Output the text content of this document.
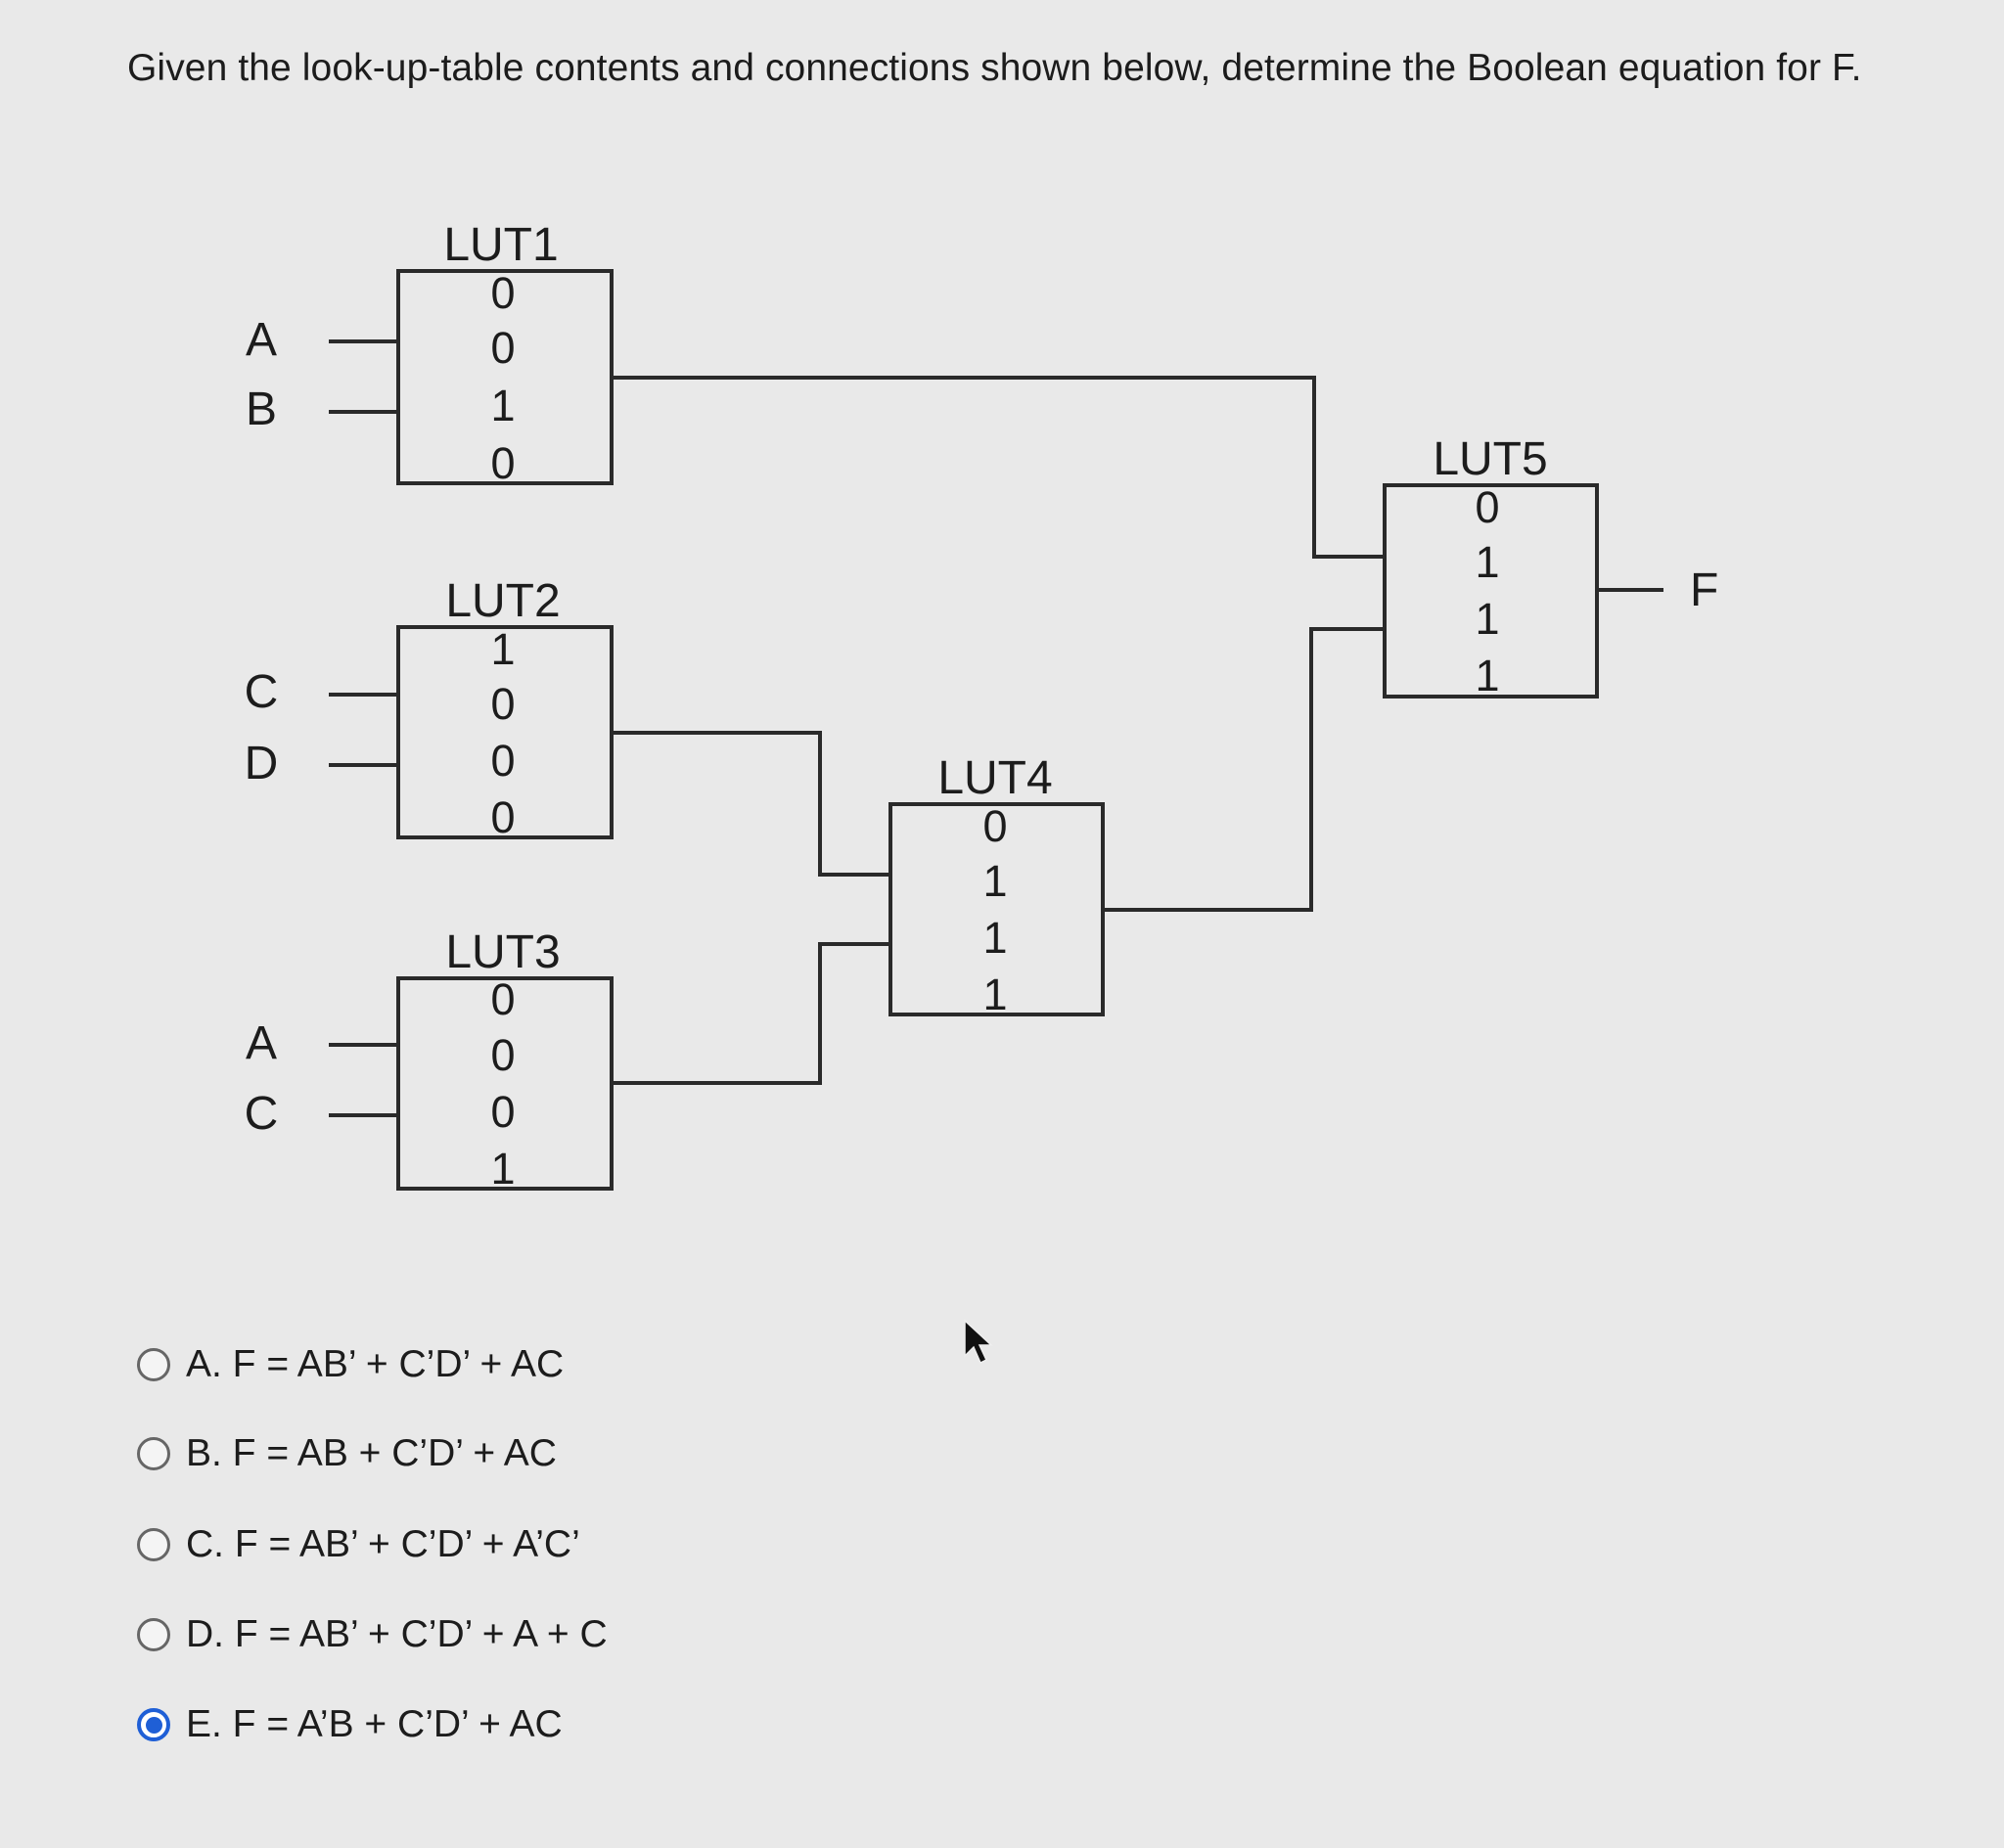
Given the look-up-table contents and connections shown below, determine the Boolean equation for F.
LUT1
0
0
1
0
A
B
LUT2
1
0
0
0
C
D
LUT3
0
0
0
1
A
C
LUT4
0
1
1
1
LUT5
0
1
1
1
F
A. F = AB’ + C’D’ + AC
B. F = AB + C’D’ + AC
C. F = AB’ + C’D’ + A’C’
D. F = AB’ + C’D’ + A + C
E. F = A’B + C’D’ + AC
